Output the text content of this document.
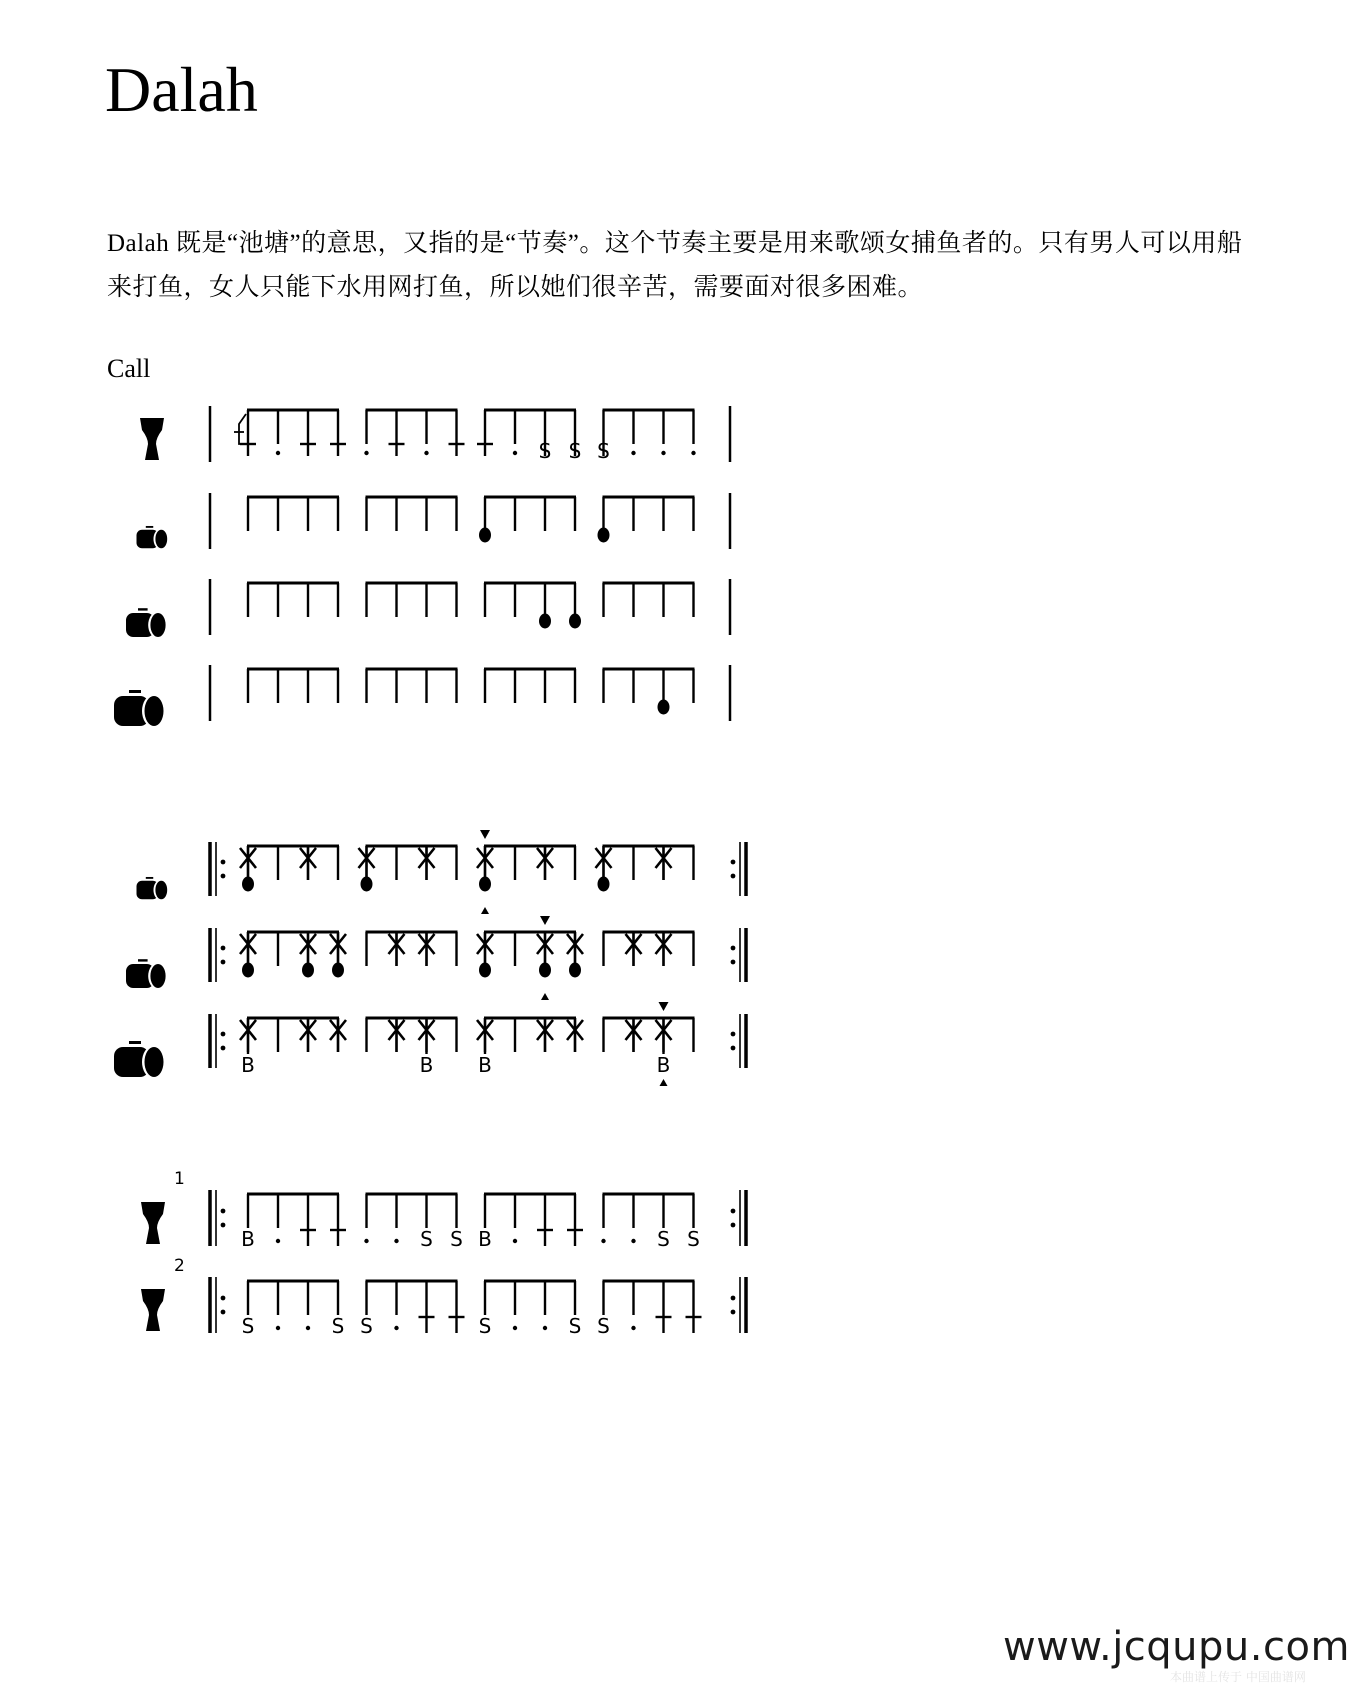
Dalah
Dalah 既是“池塘”的意思，又指的是“节奏”。这个节奏主要是用来歌颂女捕鱼者的。只有男人可以用船来打鱼，女人只能下水用网打鱼，所以她们很辛苦，需要面对很多困难。
Call
S S S
B	B B	B
1
B	S S B	S S
2
S	S S	S	S S
www.jcqupu.com
本曲谱上传于 中国曲谱网
